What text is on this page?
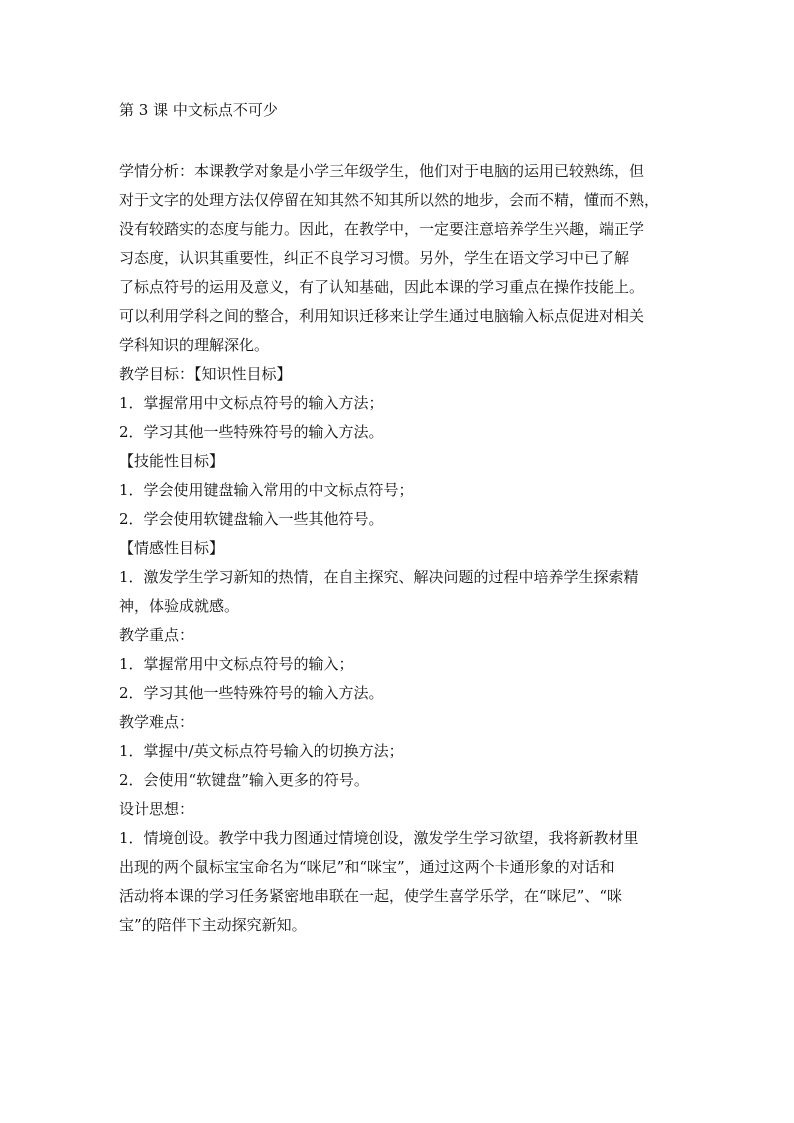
第 3 课 中文标点不可少
学情分析：本课教学对象是小学三年级学生，他们对于电脑的运用已较熟练，但
对于文字的处理方法仅停留在知其然不知其所以然的地步，会而不精，懂而不熟，
没有较踏实的态度与能力。因此，在教学中，一定要注意培养学生兴趣，端正学
习态度，认识其重要性，纠正不良学习习惯。另外，学生在语文学习中已了解
了标点符号的运用及意义，有了认知基础，因此本课的学习重点在操作技能上。
可以利用学科之间的整合，利用知识迁移来让学生通过电脑输入标点促进对相关
学科知识的理解深化。
教学目标：【知识性目标】
1．掌握常用中文标点符号的输入方法；
2．学习其他一些特殊符号的输入方法。
【技能性目标】
1．学会使用键盘输入常用的中文标点符号；
2．学会使用软键盘输入一些其他符号。
【情感性目标】
1．激发学生学习新知的热情，在自主探究、解决问题的过程中培养学生探索精
神，体验成就感。
教学重点：
1．掌握常用中文标点符号的输入；
2．学习其他一些特殊符号的输入方法。
教学难点：
1．掌握中/英文标点符号输入的切换方法；
2．会使用“软键盘”输入更多的符号。
设计思想：
1．情境创设。教学中我力图通过情境创设，激发学生学习欲望，我将新教材里
出现的两个鼠标宝宝命名为“咪尼”和“咪宝”，通过这两个卡通形象的对话和
活动将本课的学习任务紧密地串联在一起，使学生喜学乐学，在“咪尼”、“咪
宝”的陪伴下主动探究新知。
